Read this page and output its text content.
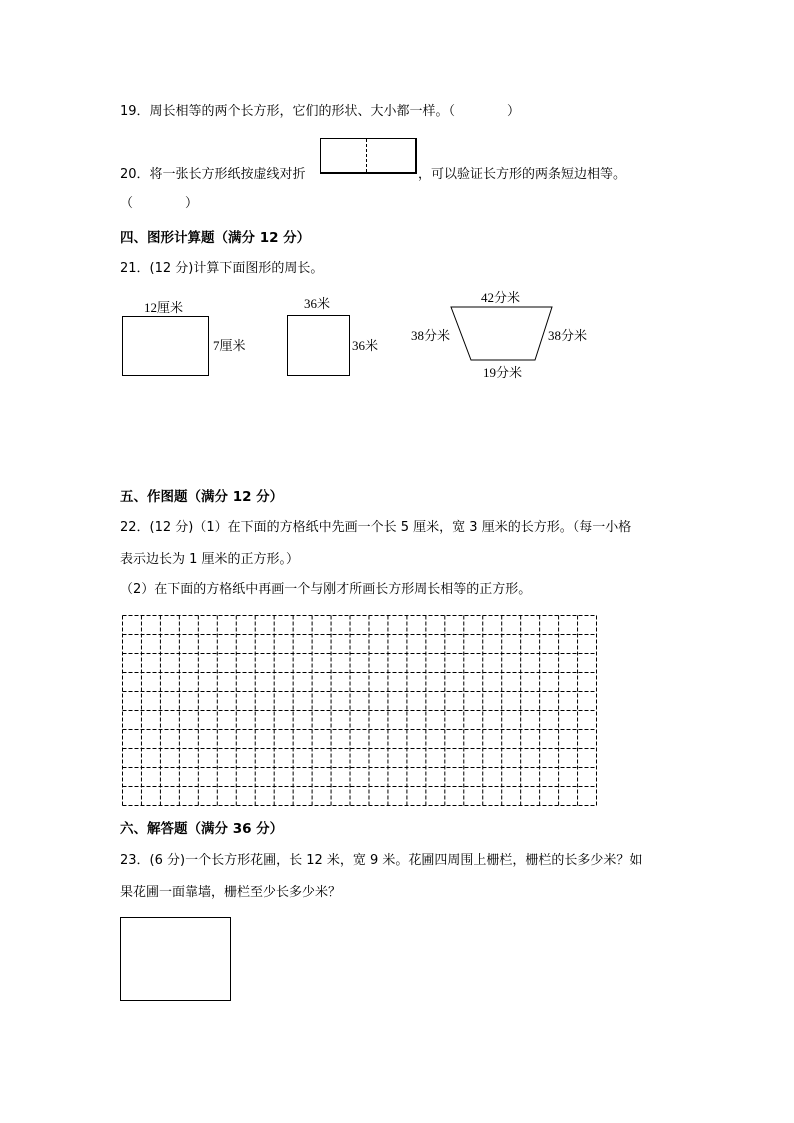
19．周长相等的两个长方形，它们的形状、大小都一样。（　　　　）
20．将一张长方形纸按虚线对折	，可以验证长方形的两条短边相等。
（　　　　）
四、图形计算题（满分 12 分）
21．(12 分)计算下面图形的周长。
12厘米
7厘米
36米
36米
42分米
38分米	38分米
19分米
五、作图题（满分 12 分）
22．(12 分)（1）在下面的方格纸中先画一个长 5 厘米，宽 3 厘米的长方形。（每一小格
表示边长为 1 厘米的正方形。）
（2）在下面的方格纸中再画一个与刚才所画长方形周长相等的正方形。
六、解答题（满分 36 分）
23．(6 分)一个长方形花圃，长 12 米，宽 9 米。花圃四周围上栅栏，栅栏的长多少米？如
果花圃一面靠墙，栅栏至少长多少米？
